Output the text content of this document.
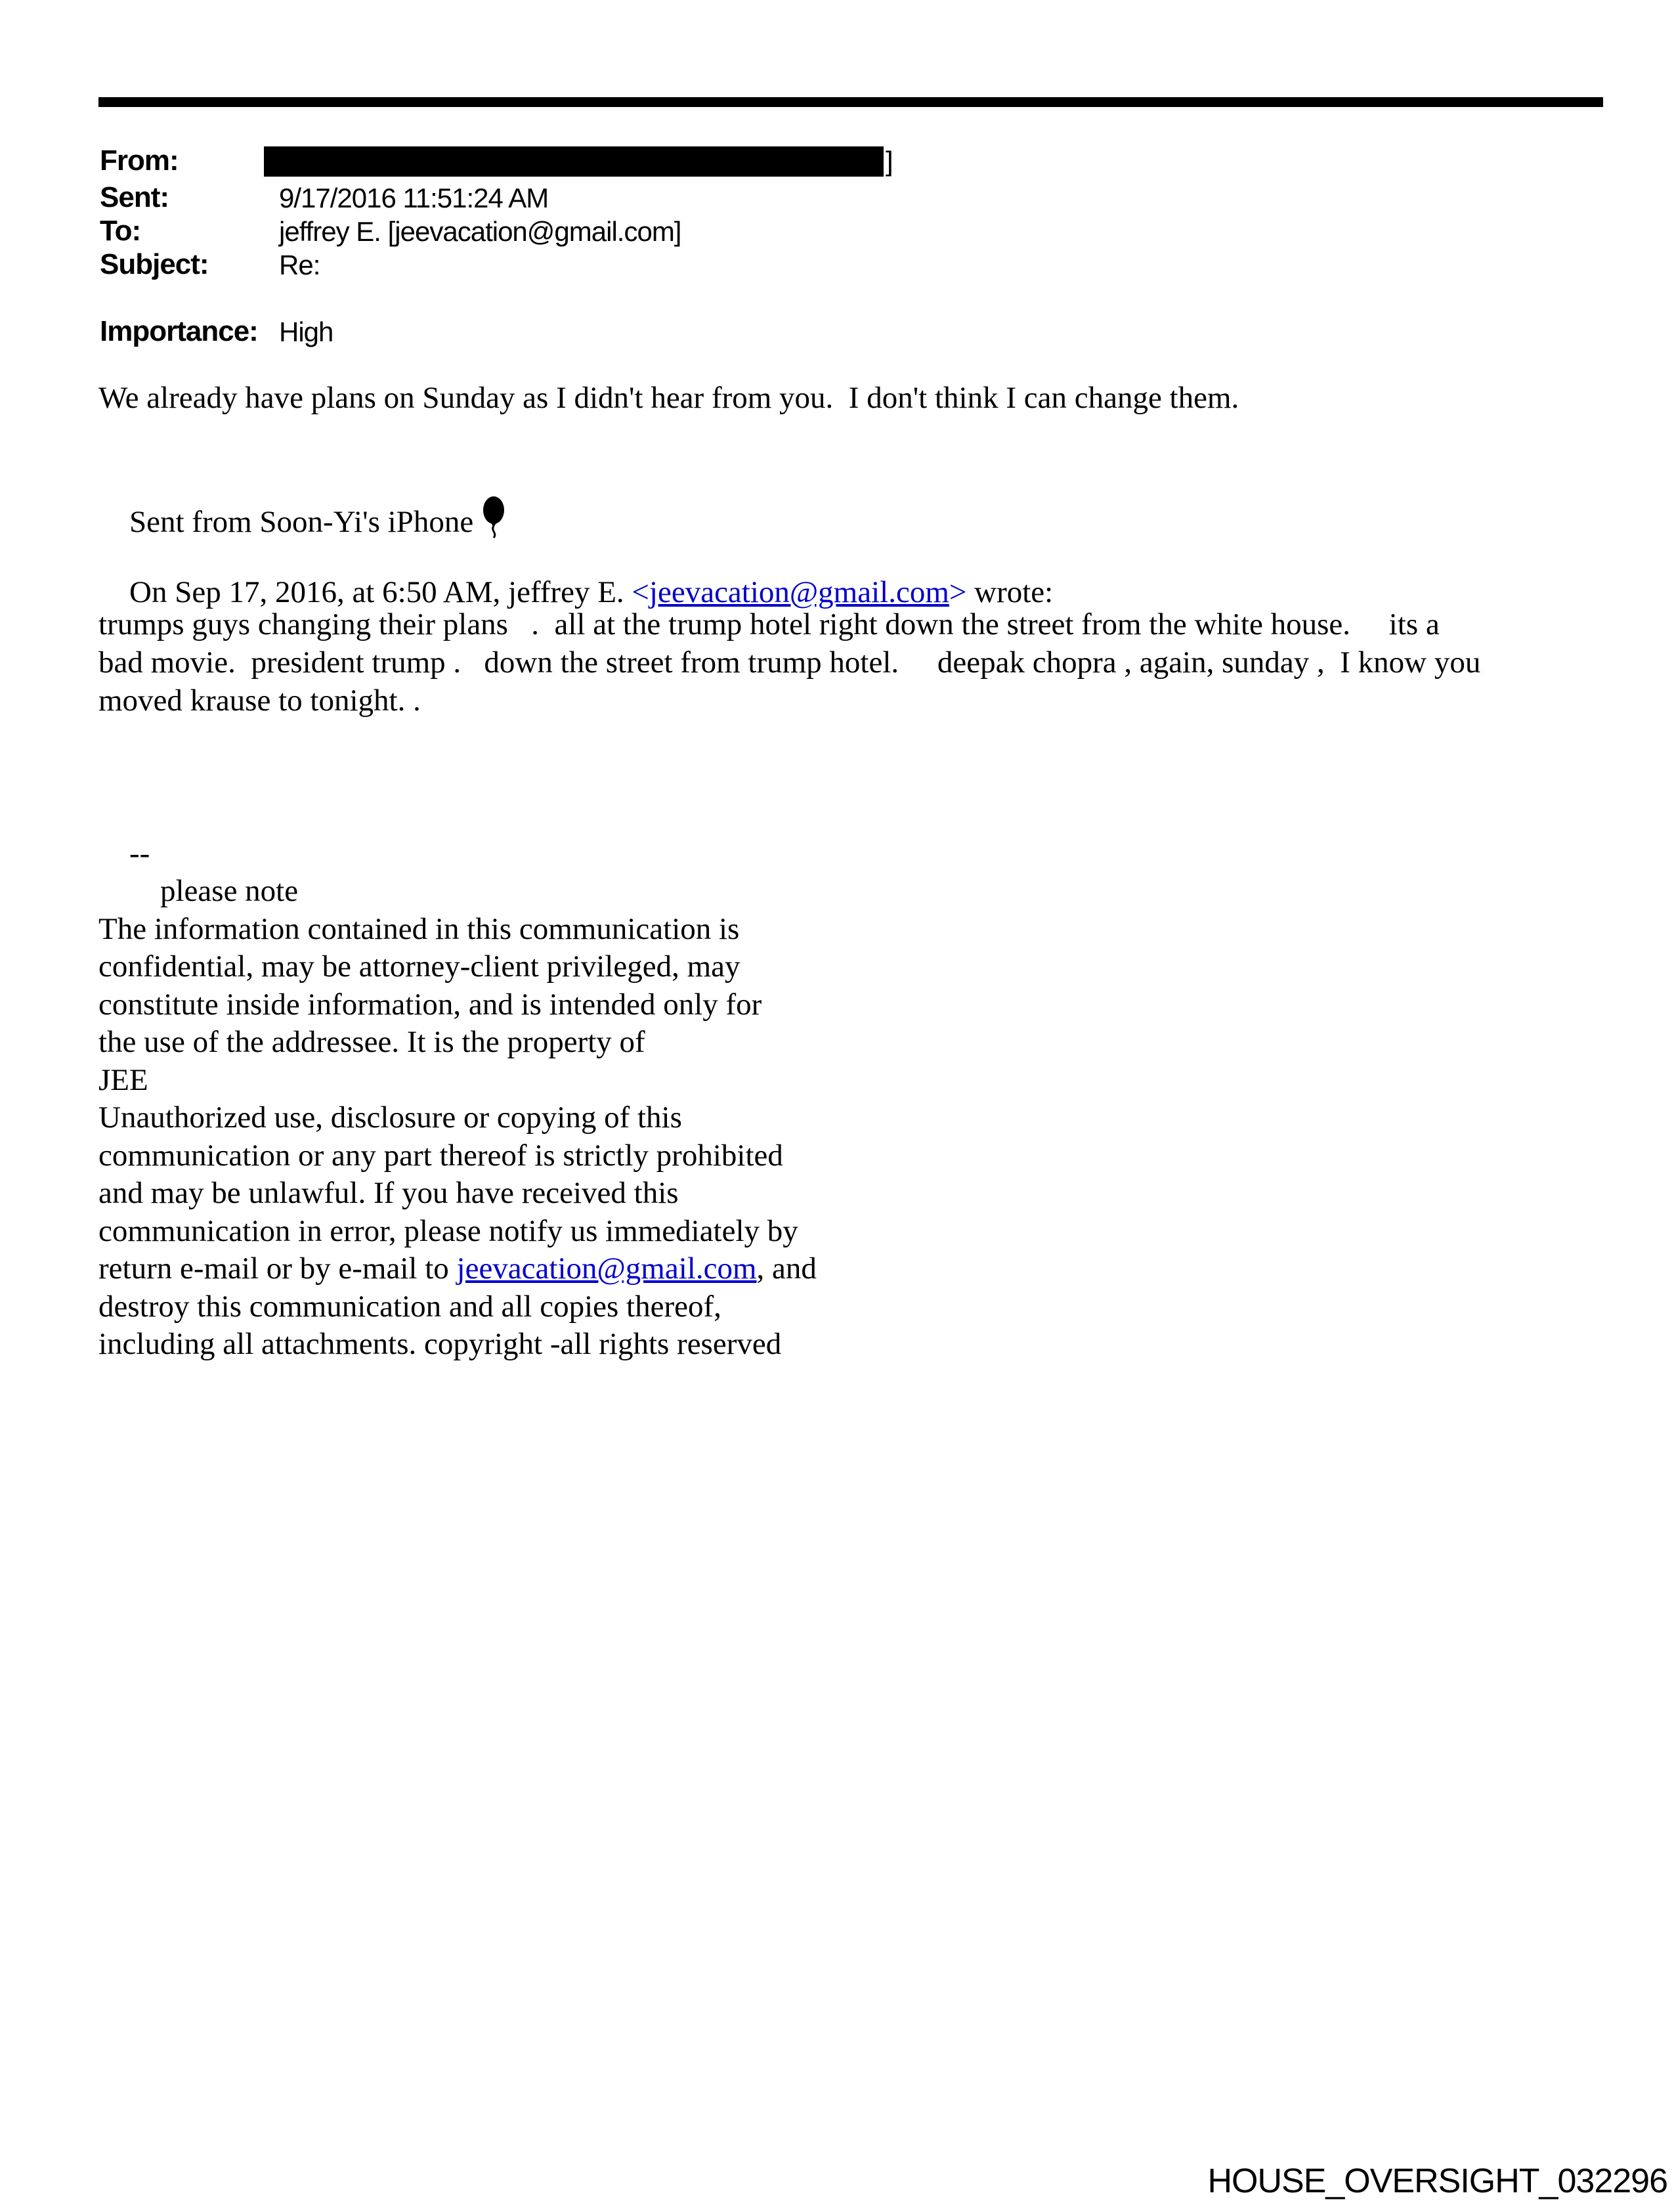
From:	]
Sent:	9/17/2016 11:51:24 AM
To:	jeffrey E. [jeevacation@gmail.com]
Subject:	Re:
Importance: High
We already have plans on Sunday as I didn't hear from you.  I don't think I can change them.

Sent from Soon-Yi's iPhone

On Sep 17, 2016, at 6:50 AM, jeffrey E. <jeevacation@gmail.com> wrote:

trumps guys changing their plans   .  all at the trump hotel right down the street from the white house.     its a
bad movie.  president trump .   down the street from trump hotel.     deepak chopra , again, sunday ,  I know you
moved krause to tonight. .

--
please note
The information contained in this communication is
confidential, may be attorney-client privileged, may
constitute inside information, and is intended only for
the use of the addressee. It is the property of
JEE
Unauthorized use, disclosure or copying of this
communication or any part thereof is strictly prohibited
and may be unlawful. If you have received this
communication in error, please notify us immediately by
return e-mail or by e-mail to jeevacation@gmail.com, and
destroy this communication and all copies thereof,
including all attachments. copyright -all rights reserved

HOUSE_OVERSIGHT_032296
